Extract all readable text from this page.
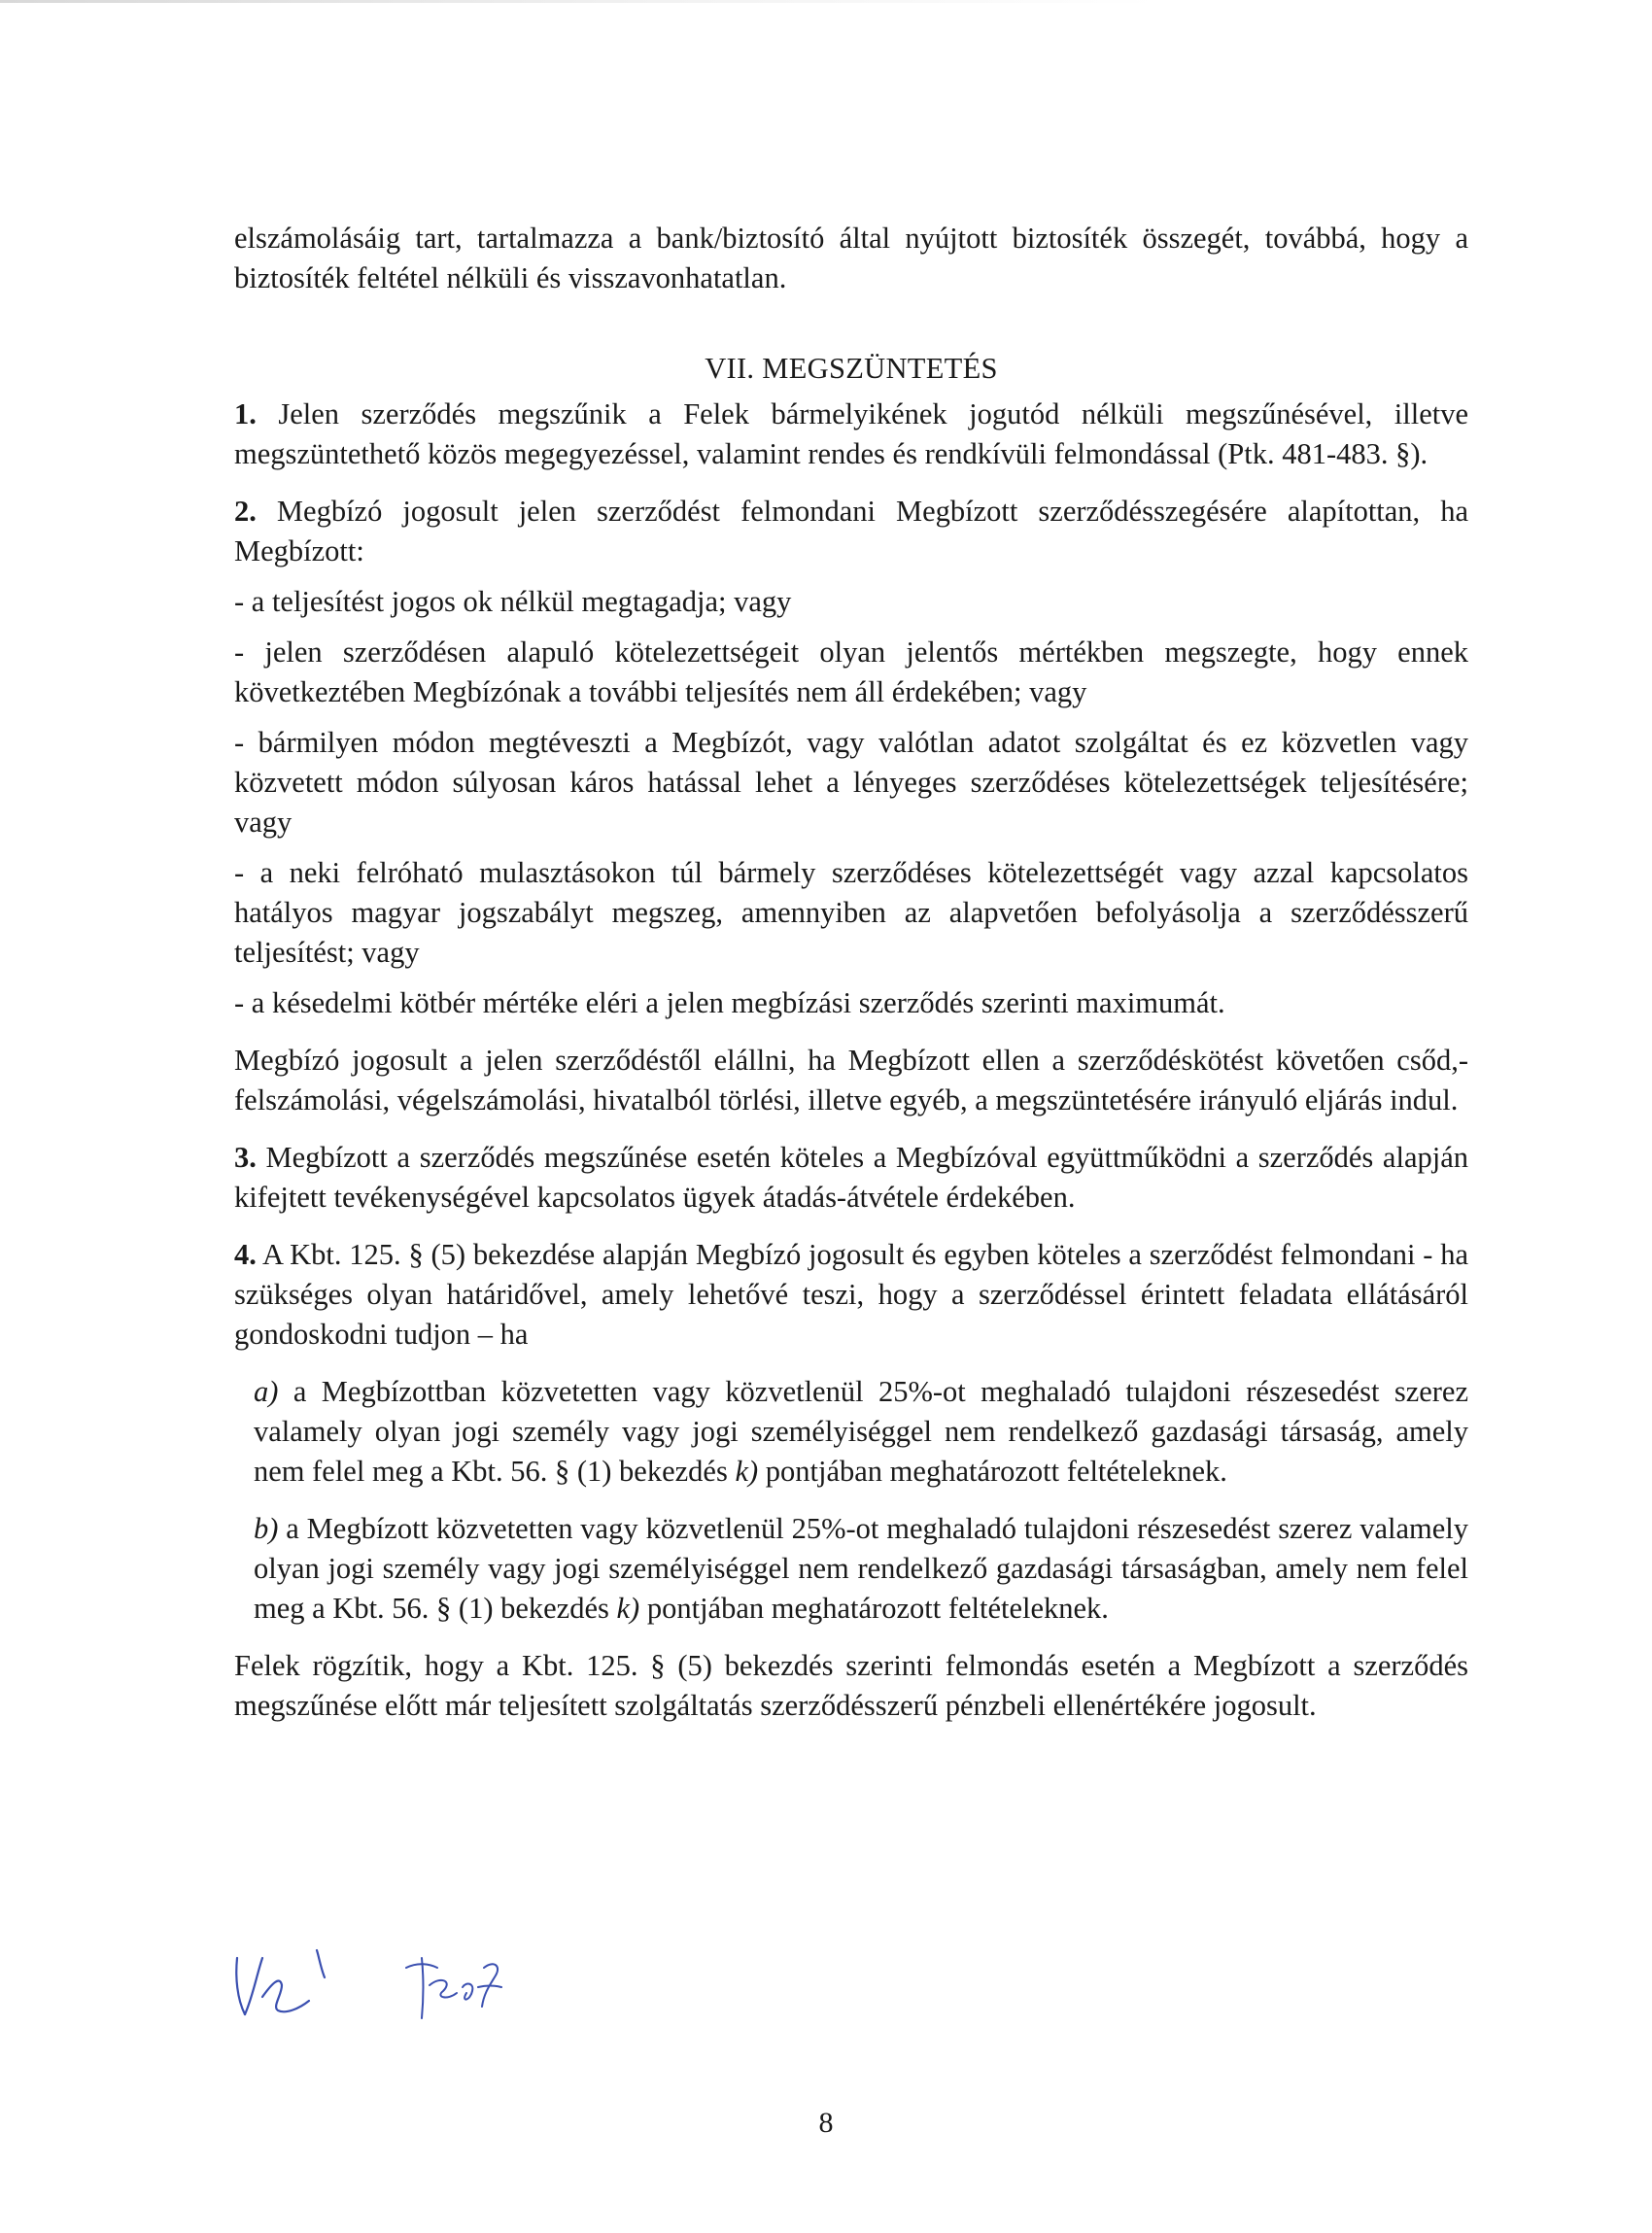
elszámolásáig tart, tartalmazza a bank/biztosító által nyújtott biztosíték összegét, továbbá, hogy a biztosíték feltétel nélküli és visszavonhatatlan.

VII. MEGSZÜNTETÉS

1. Jelen szerződés megszűnik a Felek bármelyikének jogutód nélküli megszűnésével, illetve megszüntethető közös megegyezéssel, valamint rendes és rendkívüli felmondással (Ptk. 481-483. §).

2. Megbízó jogosult jelen szerződést felmondani Megbízott szerződésszegésére alapítottan, ha Megbízott:

- a teljesítést jogos ok nélkül megtagadja; vagy

- jelen szerződésen alapuló kötelezettségeit olyan jelentős mértékben megszegte, hogy ennek következtében Megbízónak a további teljesítés nem áll érdekében; vagy

- bármilyen módon megtéveszti a Megbízót, vagy valótlan adatot szolgáltat és ez közvetlen vagy közvetett módon súlyosan káros hatással lehet a lényeges szerződéses kötelezettségek teljesítésére; vagy

- a neki felróható mulasztásokon túl bármely szerződéses kötelezettségét vagy azzal kapcsolatos hatályos magyar jogszabályt megszeg, amennyiben az alapvetően befolyásolja a szerződésszerű teljesítést; vagy

- a késedelmi kötbér mértéke eléri a jelen megbízási szerződés szerinti maximumát.

Megbízó jogosult a jelen szerződéstől elállni, ha Megbízott ellen a szerződéskötést követően csőd,- felszámolási, végelszámolási, hivatalból törlési, illetve egyéb, a megszüntetésére irányuló eljárás indul.

3. Megbízott a szerződés megszűnése esetén köteles a Megbízóval együttműködni a szerződés alapján kifejtett tevékenységével kapcsolatos ügyek átadás-átvétele érdekében.

4. A Kbt. 125. § (5) bekezdése alapján Megbízó jogosult és egyben köteles a szerződést felmondani - ha szükséges olyan határidővel, amely lehetővé teszi, hogy a szerződéssel érintett feladata ellátásáról gondoskodni tudjon – ha

a) a Megbízottban közvetetten vagy közvetlenül 25%-ot meghaladó tulajdoni részesedést szerez valamely olyan jogi személy vagy jogi személyiséggel nem rendelkező gazdasági társaság, amely nem felel meg a Kbt. 56. § (1) bekezdés k) pontjában meghatározott feltételeknek.

b) a Megbízott közvetetten vagy közvetlenül 25%-ot meghaladó tulajdoni részesedést szerez valamely olyan jogi személy vagy jogi személyiséggel nem rendelkező gazdasági társaságban, amely nem felel meg a Kbt. 56. § (1) bekezdés k) pontjában meghatározott feltételeknek.

Felek rögzítik, hogy a Kbt. 125. § (5) bekezdés szerinti felmondás esetén a Megbízott a szerződés megszűnése előtt már teljesített szolgáltatás szerződésszerű pénzbeli ellenértékére jogosult.

8
